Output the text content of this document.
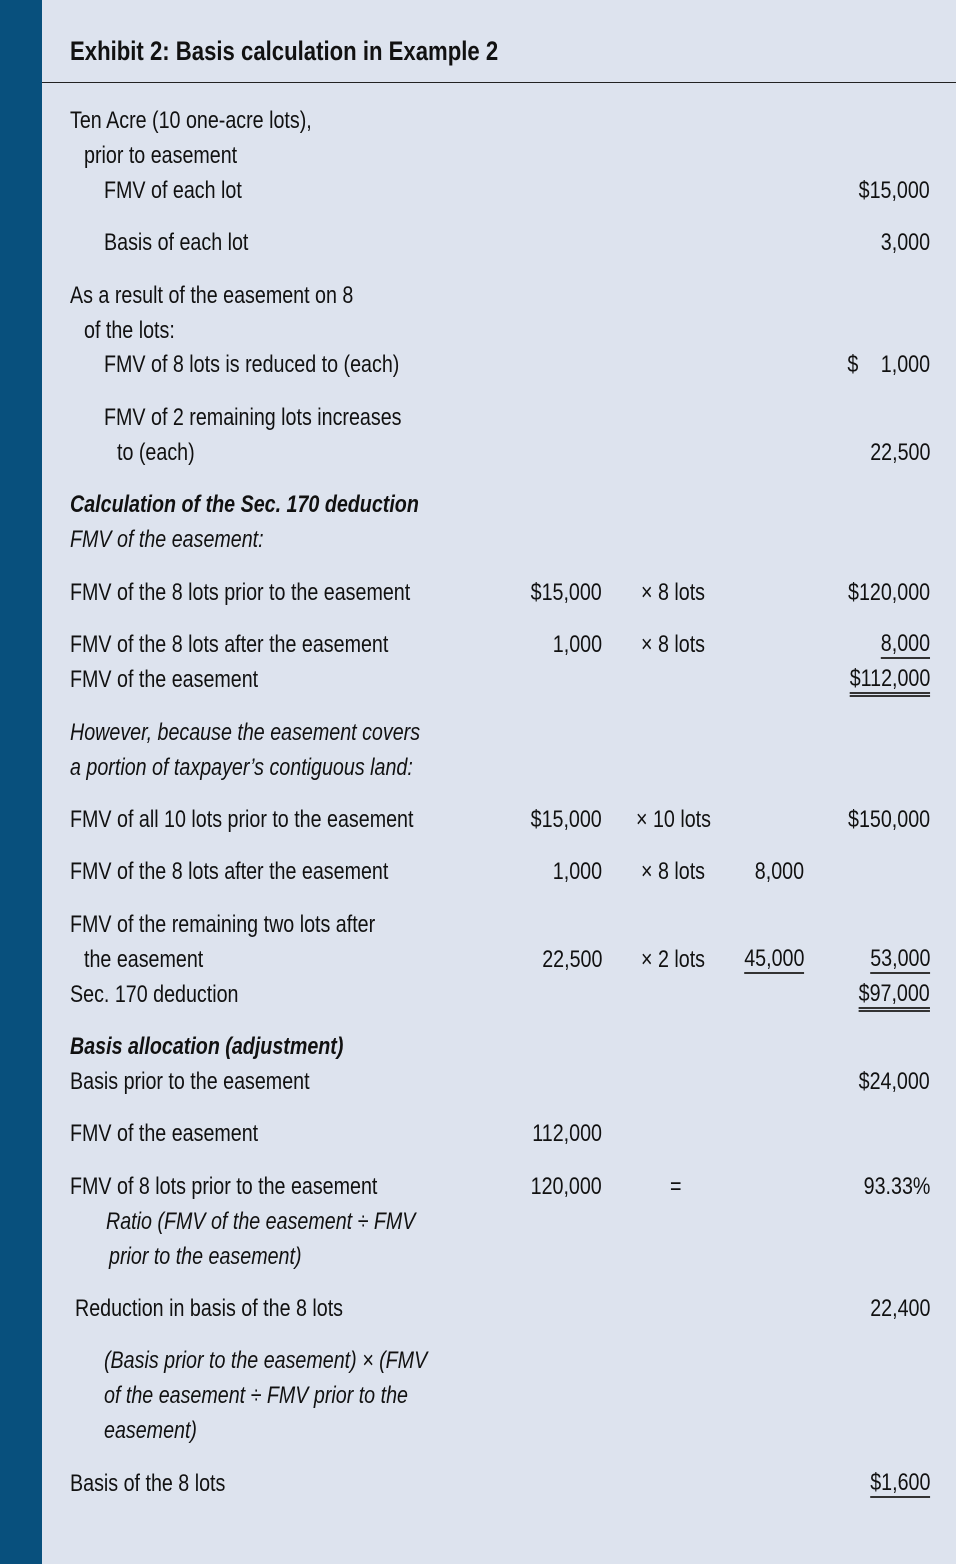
Exhibit 2: Basis calculation in Example 2
Ten Acre (10 one-acre lots),
prior to easement
FMV of each lot	$15,000
Basis of each lot	3,000
As a result of the easement on 8
of the lots:
FMV of 8 lots is reduced to (each)	$ 1,000
FMV of 2 remaining lots increases
to (each)	22,500
Calculation of the Sec. 170 deduction
FMV of the easement:
FMV of the 8 lots prior to the easement	$15,000 × 8 lots	$120,000
FMV of the 8 lots after the easement	1,000 × 8 lots	8,000
FMV of the easement	$112,000
However, because the easement covers
a portion of taxpayer’s contiguous land:
FMV of all 10 lots prior to the easement	$15,000 × 10 lots	$150,000
FMV of the 8 lots after the easement	1,000 × 8 lots 8,000
FMV of the remaining two lots after
the easement	22,500 × 2 lots 45,000	53,000
Sec. 170 deduction	$97,000
Basis allocation (adjustment)
Basis prior to the easement	$24,000
FMV of the easement	112,000
FMV of 8 lots prior to the easement	120,000	=	93.33%
Ratio (FMV of the easement ÷ FMV
prior to the easement)
Reduction in basis of the 8 lots	22,400
(Basis prior to the easement) × (FMV
of the easement ÷ FMV prior to the
easement)
Basis of the 8 lots	$1,600
